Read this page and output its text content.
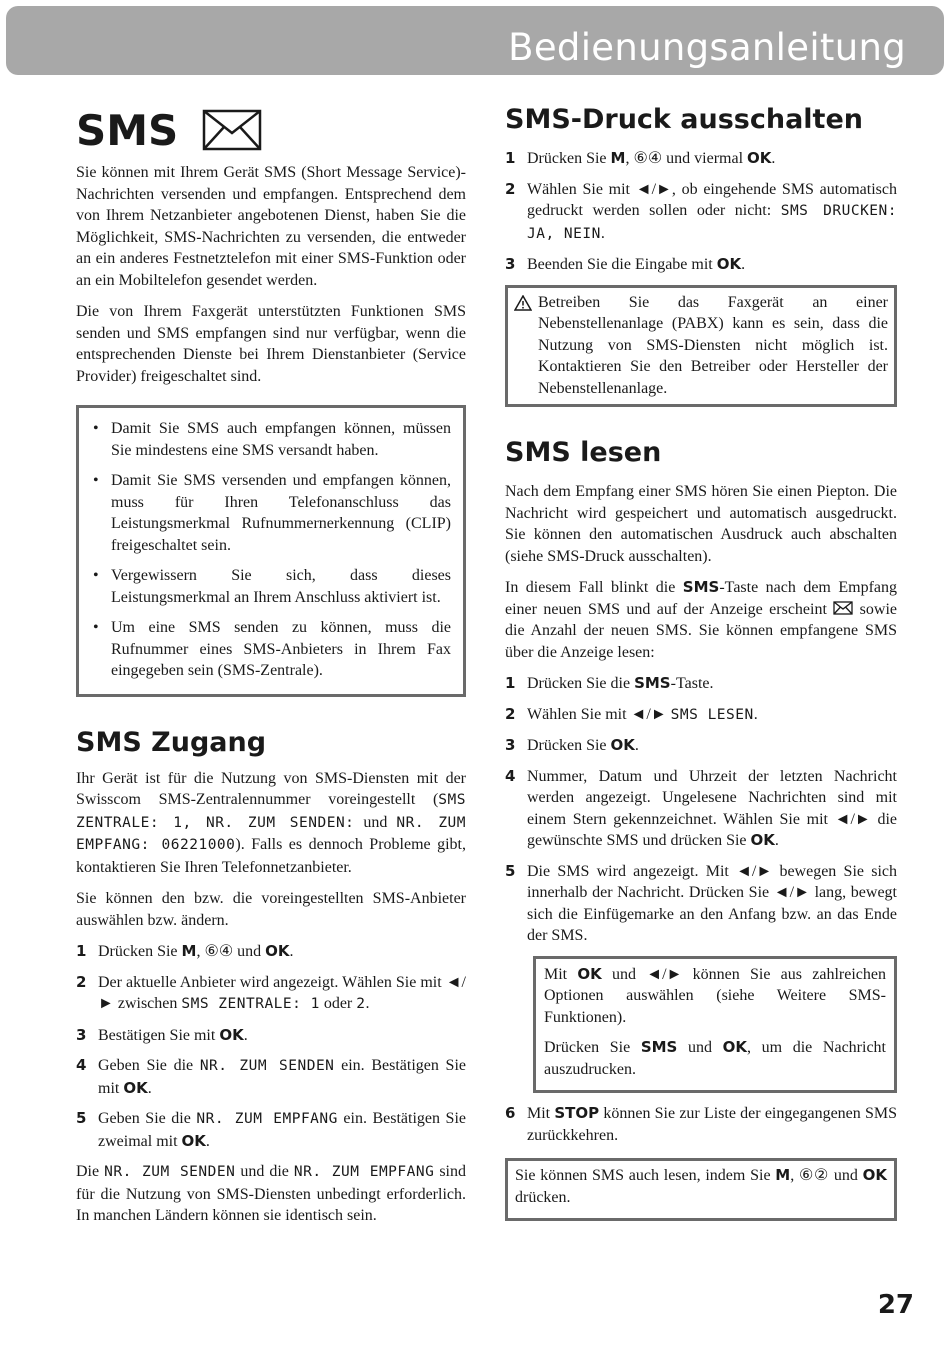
Bedienungsanleitung
SMS

Sie können mit Ihrem Gerät SMS (Short Message Service)-Nachrichten versenden und empfangen. Entsprechend dem von Ihrem Netzanbieter angebotenen Dienst, haben Sie die Möglichkeit, SMS-Nachrichten zu versenden, die entweder an ein anderes Festnetztelefon mit einer SMS-Funktion oder an ein Mobiltelefon gesendet werden.

Die von Ihrem Faxgerät unterstützten Funktionen SMS senden und SMS empfangen sind nur verfügbar, wenn die entsprechenden Dienste bei Ihrem Dienstanbieter (Service Provider) freigeschaltet sind.

• Damit Sie SMS auch empfangen können, müssen Sie mindestens eine SMS versandt haben.
• Damit Sie SMS versenden und empfangen können, muss für Ihren Telefonanschluss das Leistungsmerkmal Rufnummernerkennung (CLIP) freigeschaltet sein.
• Vergewissern Sie sich, dass dieses Leistungsmerkmal an Ihrem Anschluss aktiviert ist.
• Um eine SMS senden zu können, muss die Rufnummer eines SMS-Anbieters in Ihrem Fax eingegeben sein (SMS-Zentrale).
SMS Zugang

Ihr Gerät ist für die Nutzung von SMS-Diensten mit der Swisscom SMS-Zentralennummer voreingestellt (SMS ZENTRALE: 1, NR. ZUM SENDEN: und NR. ZUM EMPFANG: 06221000). Falls es dennoch Probleme gibt, kontaktieren Sie Ihren Telefonnetzanbieter.

Sie können den bzw. die voreingestellten SMS-Anbieter auswählen bzw. ändern.

1 Drücken Sie M, ⑥④ und OK.
2 Der aktuelle Anbieter wird angezeigt. Wählen Sie mit ◄/► zwischen SMS ZENTRALE: 1 oder 2.
3 Bestätigen Sie mit OK.
4 Geben Sie die NR. ZUM SENDEN ein. Bestätigen Sie mit OK.
5 Geben Sie die NR. ZUM EMPFANG ein. Bestätigen Sie zweimal mit OK.

Die NR. ZUM SENDEN und die NR. ZUM EMPFANG sind für die Nutzung von SMS-Diensten unbedingt erforderlich. In manchen Ländern können sie identisch sein.

SMS-Druck ausschalten
1 Drücken Sie M, ⑥④ und viermal OK.
2 Wählen Sie mit ◄/►, ob eingehende SMS automatisch gedruckt werden sollen oder nicht: SMS DRUCKEN: JA, NEIN.
3 Beenden Sie die Eingabe mit OK.

Betreiben Sie das Faxgerät an einer Nebenstellenanlage (PABX) kann es sein, dass die Nutzung von SMS-Diensten nicht möglich ist. Kontaktieren Sie den Betreiber oder Hersteller der Nebenstellenanlage.

SMS lesen

Nach dem Empfang einer SMS hören Sie einen Piepton. Die Nachricht wird gespeichert und automatisch ausgedruckt. Sie können den automatischen Ausdruck auch abschalten (siehe SMS-Druck ausschalten).

In diesem Fall blinkt die SMS-Taste nach dem Empfang einer neuen SMS und auf der Anzeige erscheint  sowie die Anzahl der neuen SMS. Sie können empfangene SMS über die Anzeige lesen:

1 Drücken Sie die SMS-Taste.
2 Wählen Sie mit ◄/► SMS LESEN.
3 Drücken Sie OK.
4 Nummer, Datum und Uhrzeit der letzten Nachricht werden angezeigt. Ungelesene Nachrichten sind mit einem Stern gekennzeichnet. Wählen Sie mit ◄/► die gewünschte SMS und drücken Sie OK.
5 Die SMS wird angezeigt. Mit ◄/► bewegen Sie sich innerhalb der Nachricht. Drücken Sie ◄/► lang, bewegt sich die Einfügemarke an den Anfang bzw. an das Ende der SMS.

Mit OK und ◄/► können Sie aus zahlreichen Optionen auswählen (siehe Weitere SMS-Funktionen).

Drücken Sie SMS und OK, um die Nachricht auszudrucken.

6 Mit STOP können Sie zur Liste der eingegangenen SMS zurückkehren.

Sie können SMS auch lesen, indem Sie M, ⑥② und OK drücken.

27
